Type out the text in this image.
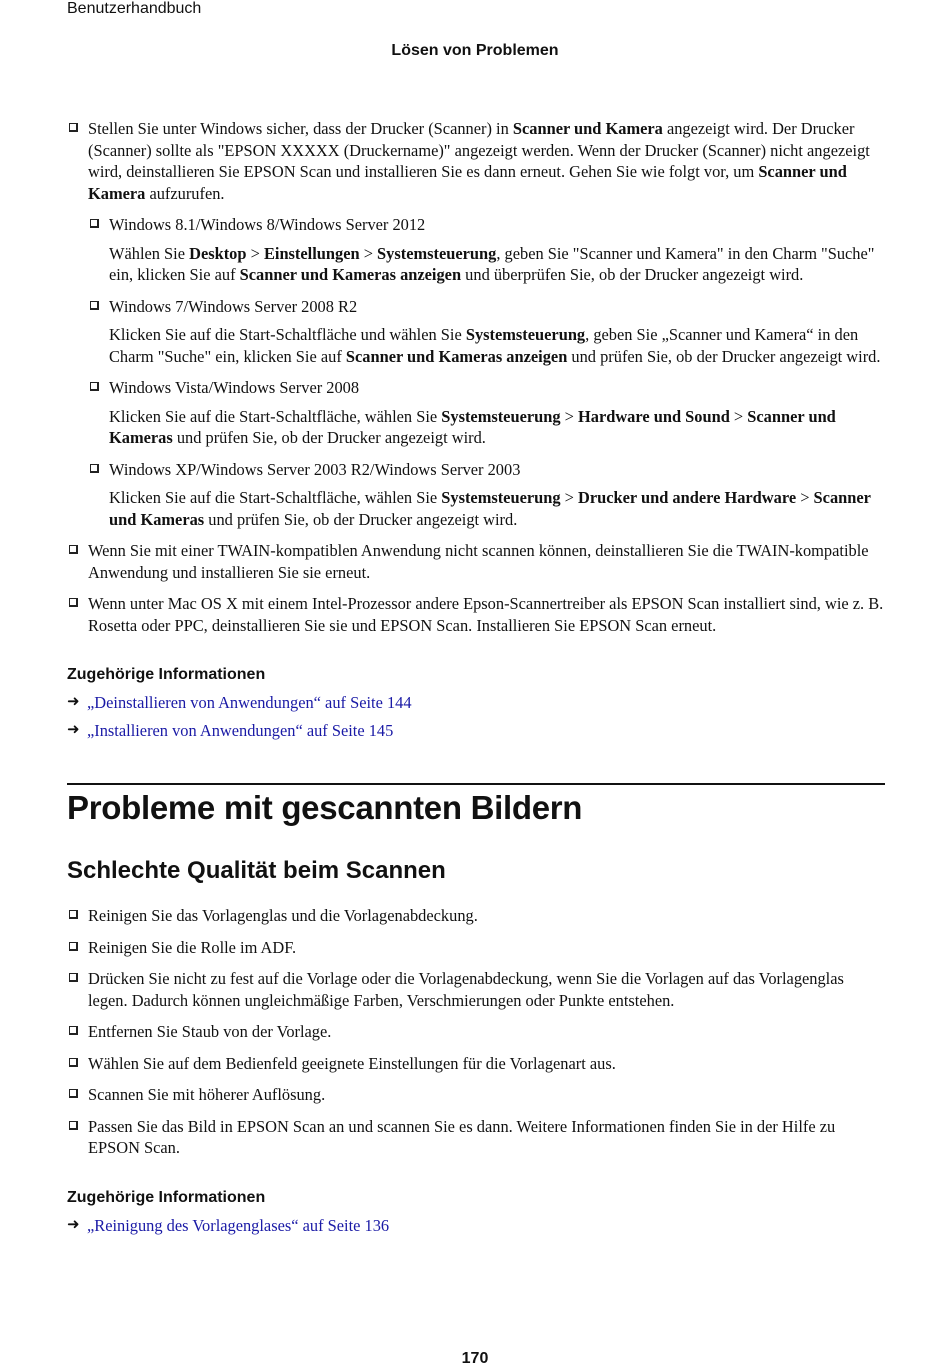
Benutzerhandbuch
Lösen von Problemen
Stellen Sie unter Windows sicher, dass der Drucker (Scanner) in Scanner und Kamera angezeigt wird. Der Drucker (Scanner) sollte als "EPSON XXXXX (Druckername)" angezeigt werden. Wenn der Drucker (Scanner) nicht angezeigt wird, deinstallieren Sie EPSON Scan und installieren Sie es dann erneut. Gehen Sie wie folgt vor, um Scanner und Kamera aufzurufen.
Windows 8.1/Windows 8/Windows Server 2012
Wählen Sie Desktop > Einstellungen > Systemsteuerung, geben Sie "Scanner und Kamera" in den Charm "Suche" ein, klicken Sie auf Scanner und Kameras anzeigen und überprüfen Sie, ob der Drucker angezeigt wird.
Windows 7/Windows Server 2008 R2
Klicken Sie auf die Start-Schaltfläche und wählen Sie Systemsteuerung, geben Sie „Scanner und Kamera“ in den Charm "Suche" ein, klicken Sie auf Scanner und Kameras anzeigen und prüfen Sie, ob der Drucker angezeigt wird.
Windows Vista/Windows Server 2008
Klicken Sie auf die Start-Schaltfläche, wählen Sie Systemsteuerung > Hardware und Sound > Scanner und Kameras und prüfen Sie, ob der Drucker angezeigt wird.
Windows XP/Windows Server 2003 R2/Windows Server 2003
Klicken Sie auf die Start-Schaltfläche, wählen Sie Systemsteuerung > Drucker und andere Hardware > Scanner und Kameras und prüfen Sie, ob der Drucker angezeigt wird.
Wenn Sie mit einer TWAIN-kompatiblen Anwendung nicht scannen können, deinstallieren Sie die TWAIN-kompatible Anwendung und installieren Sie sie erneut.
Wenn unter Mac OS X mit einem Intel-Prozessor andere Epson-Scannertreiber als EPSON Scan installiert sind, wie z. B. Rosetta oder PPC, deinstallieren Sie sie und EPSON Scan. Installieren Sie EPSON Scan erneut.
Zugehörige Informationen
➜ „Deinstallieren von Anwendungen“ auf Seite 144
➜ „Installieren von Anwendungen“ auf Seite 145
Probleme mit gescannten Bildern
Schlechte Qualität beim Scannen
Reinigen Sie das Vorlagenglas und die Vorlagenabdeckung.
Reinigen Sie die Rolle im ADF.
Drücken Sie nicht zu fest auf die Vorlage oder die Vorlagenabdeckung, wenn Sie die Vorlagen auf das Vorlagenglas legen. Dadurch können ungleichmäßige Farben, Verschmierungen oder Punkte entstehen.
Entfernen Sie Staub von der Vorlage.
Wählen Sie auf dem Bedienfeld geeignete Einstellungen für die Vorlagenart aus.
Scannen Sie mit höherer Auflösung.
Passen Sie das Bild in EPSON Scan an und scannen Sie es dann. Weitere Informationen finden Sie in der Hilfe zu EPSON Scan.
Zugehörige Informationen
➜ „Reinigung des Vorlagenglases“ auf Seite 136
170
